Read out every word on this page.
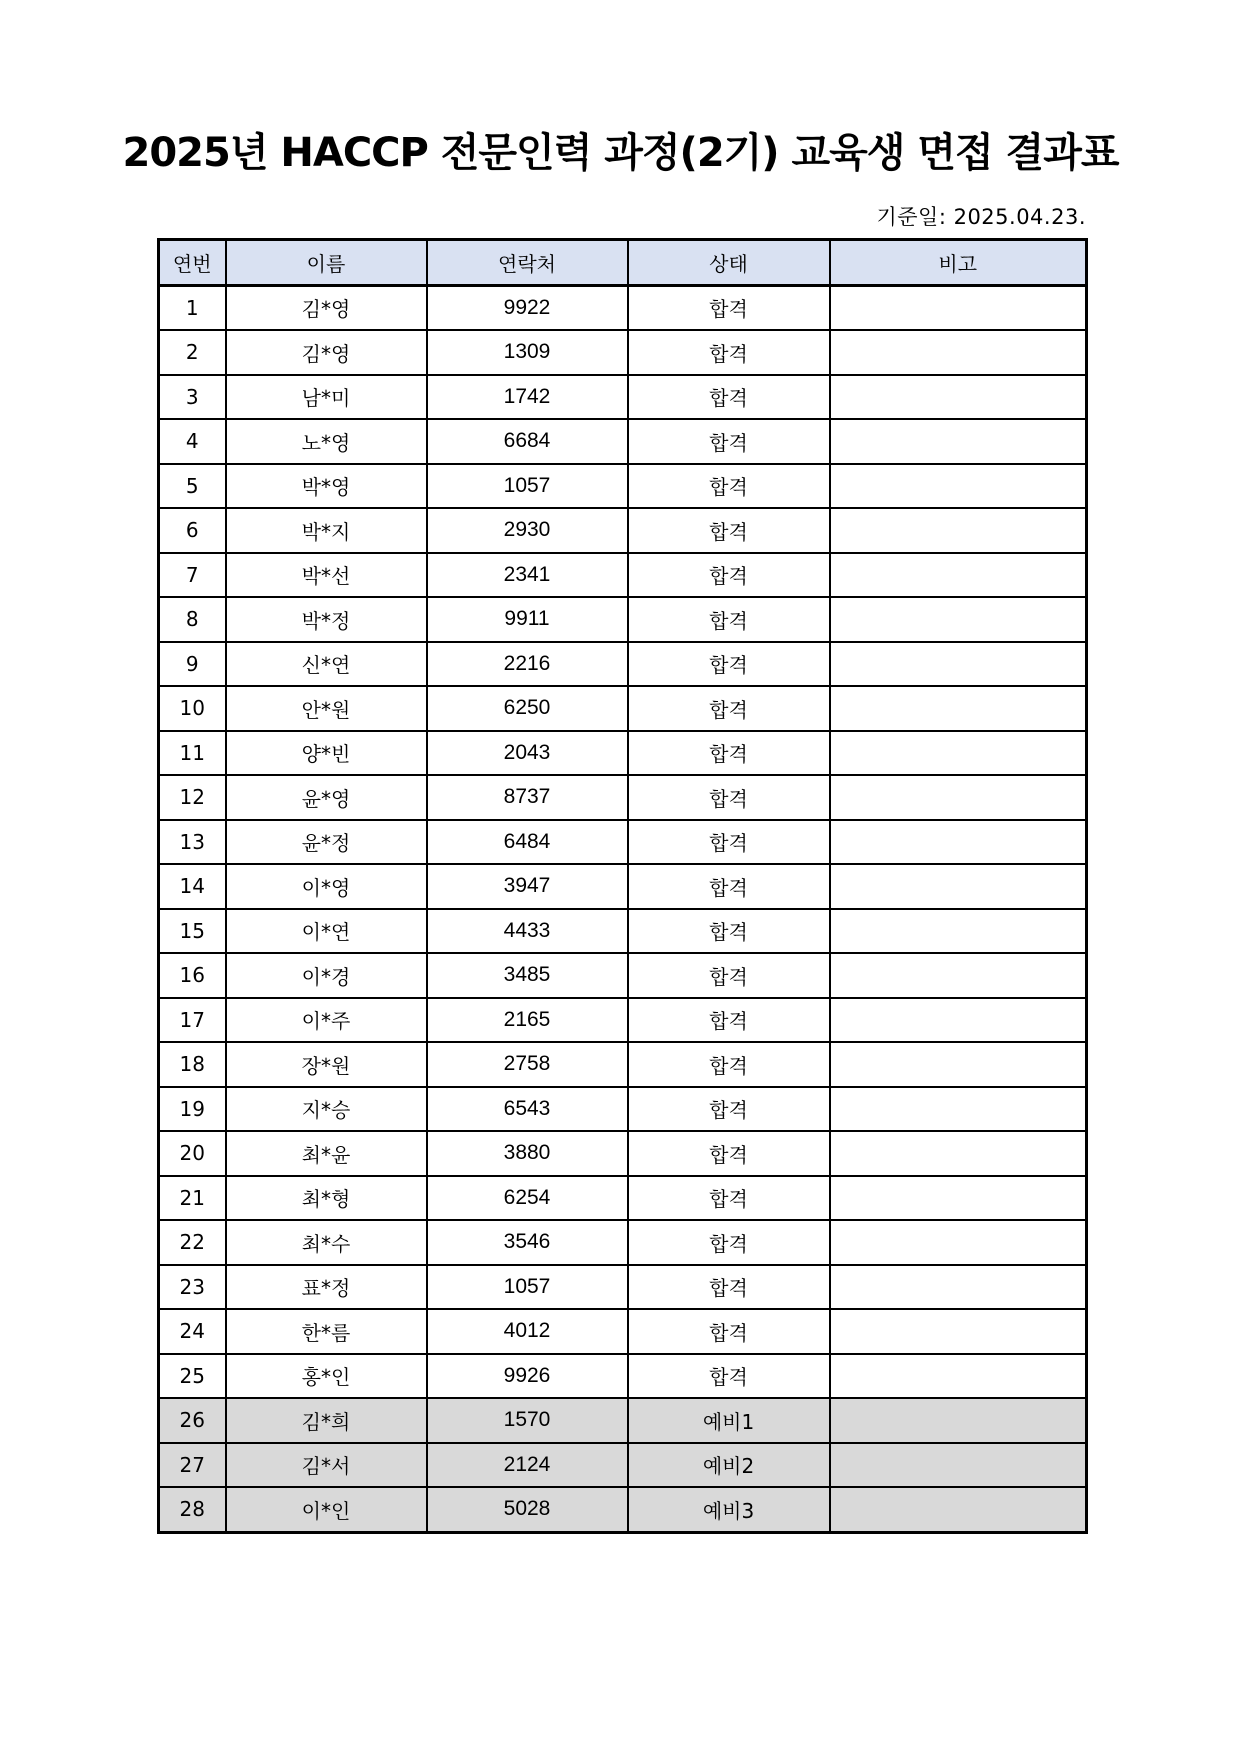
2025년 HACCP 전문인력 과정(2기) 교육생 면접 결과표
기준일: 2025.04.23.
연번	이름	연락처	상태	비고
1	김*영	9922	합격	
2	김*영	1309	합격	
3	남*미	1742	합격	
4	노*영	6684	합격	
5	박*영	1057	합격	
6	박*지	2930	합격	
7	박*선	2341	합격	
8	박*정	9911	합격	
9	신*연	2216	합격	
10	안*원	6250	합격	
11	양*빈	2043	합격	
12	윤*영	8737	합격	
13	윤*정	6484	합격	
14	이*영	3947	합격	
15	이*연	4433	합격	
16	이*경	3485	합격	
17	이*주	2165	합격	
18	장*원	2758	합격	
19	지*승	6543	합격	
20	최*윤	3880	합격	
21	최*형	6254	합격	
22	최*수	3546	합격	
23	표*정	1057	합격	
24	한*름	4012	합격	
25	홍*인	9926	합격	
26	김*희	1570	예비1	
27	김*서	2124	예비2	
28	이*인	5028	예비3	
